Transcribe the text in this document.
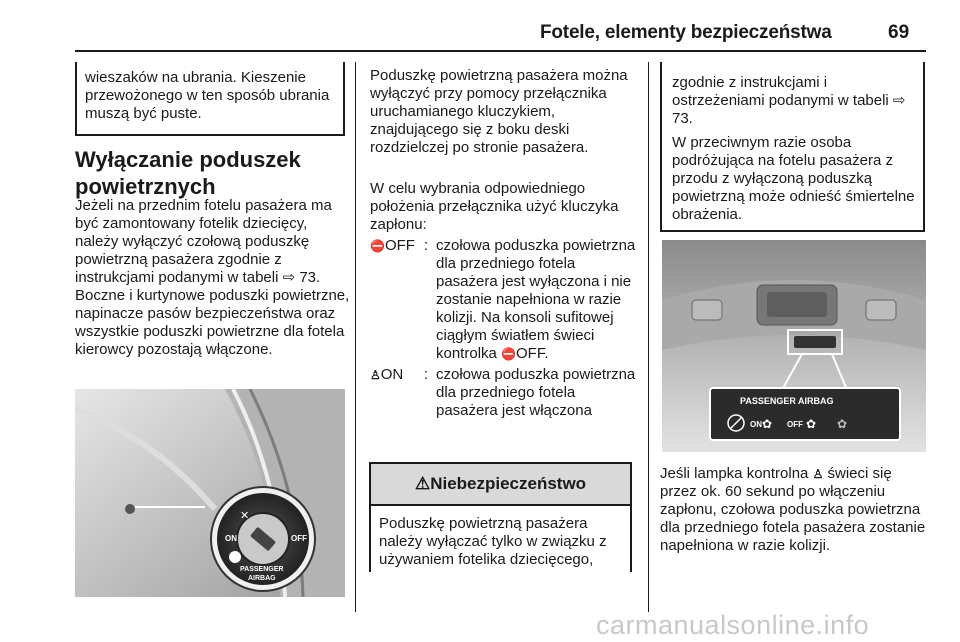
Fotele, elementy bezpieczeństwa	69

wieszaków na ubrania. Kieszenie przewożonego w ten sposób ubrania muszą być puste.

Wyłączanie poduszek powietrznych
Jeżeli na przednim fotelu pasażera ma być zamontowany fotelik dziecięcy, należy wyłączyć czołową poduszkę powietrzną pasażera zgodnie z instrukcjami podanymi w tabeli ⇨ 73. Boczne i kurtynowe poduszki powietrzne, napinacze pasów bezpieczeństwa oraz wszystkie poduszki powietrzne dla fotela kierowcy pozostają włączone.
✕
ON	OFF
PASSENGER
AIRBAG
Poduszkę powietrzną pasażera można wyłączyć przy pomocy przełącznika uruchamianego kluczykiem, znajdującego się z boku deski rozdzielczej po stronie pasażera.
W celu wybrania odpowiedniego położenia przełącznika użyć kluczyka zapłonu:
⛔OFF : czołowa poduszka powietrzna dla przedniego fotela pasażera jest wyłączona i nie zostanie napełniona w razie kolizji. Na konsoli sufitowej ciągłym światłem świeci kontrolka ⛔OFF.
♙ON	: czołowa poduszka powietrzna dla przedniego fotela pasażera jest włączona
⚠ Niebezpieczeństwo
Poduszkę powietrzną pasażera należy wyłączać tylko w związku z używaniem fotelika dziecięcego,

zgodnie z instrukcjami i ostrzeżeniami podanymi w tabeli ⇨ 73.

W przeciwnym razie osoba podróżująca na fotelu pasażera z przodu z wyłączoną poduszką powietrzną może odnieść śmiertelne obrażenia.

PASSENGER AIRBAG
ON ✿ OFF ✿ ✿
Jeśli lampka kontrolna ♙ świeci się przez ok. 60 sekund po włączeniu zapłonu, czołowa poduszka powietrzna dla przedniego fotela pasażera zostanie napełniona w razie kolizji.
carmanualsonline.info
